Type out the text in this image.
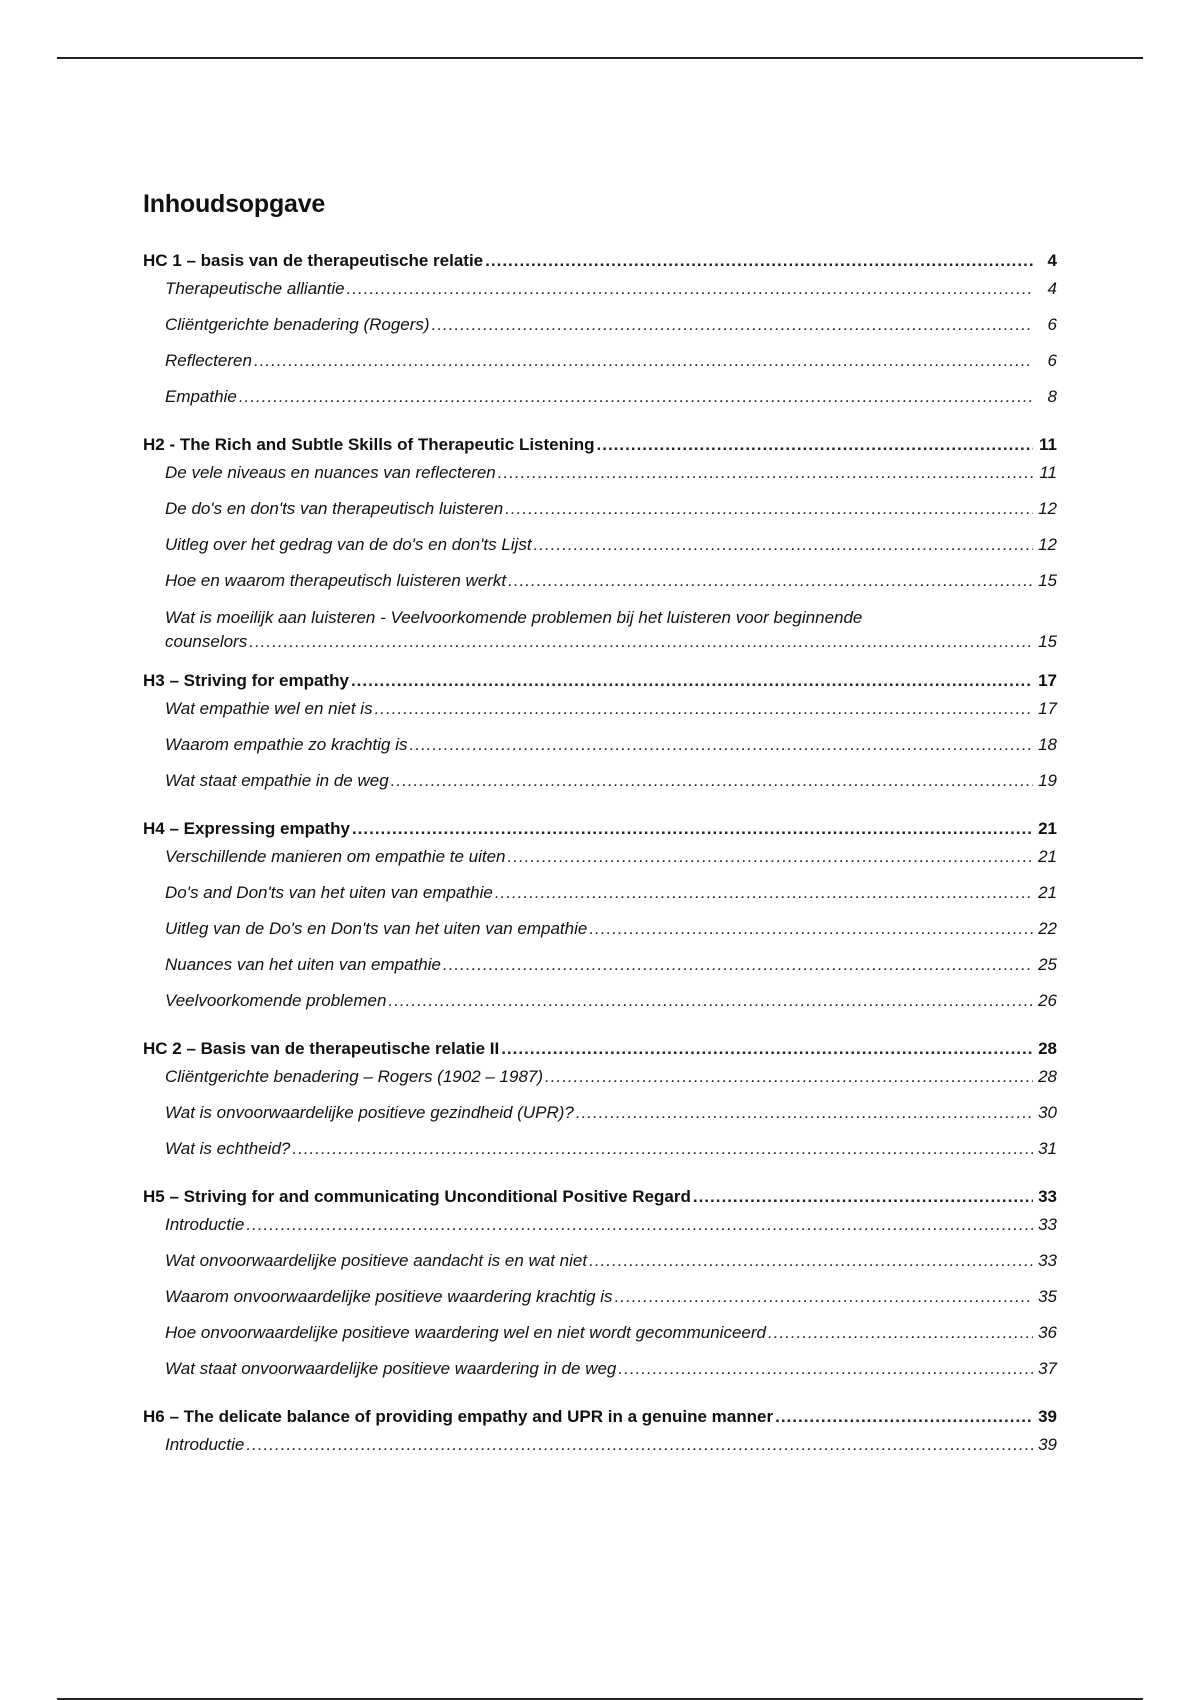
Inhoudsopgave
HC 1 – basis van de therapeutische relatie .....	4
Therapeutische alliantie .....	4
Cliëntgerichte benadering (Rogers) .....	6
Reflecteren .....	6
Empathie .....	8
H2 - The Rich and Subtle Skills of Therapeutic Listening .....	11
De vele niveaus en nuances van reflecteren .....	11
De do's en don'ts van therapeutisch luisteren .....	12
Uitleg over het gedrag van de do's en don'ts Lijst .....	12
Hoe en waarom therapeutisch luisteren werkt .....	15
Wat is moeilijk aan luisteren - Veelvoorkomende problemen bij het luisteren voor beginnende
counselors .....	15
H3 – Striving for empathy .....	17
Wat empathie wel en niet is .....	17
Waarom empathie zo krachtig is .....	18
Wat staat empathie in de weg .....	19
H4 – Expressing empathy .....	21
Verschillende manieren om empathie te uiten .....	21
Do's and Don'ts van het uiten van empathie .....	21
Uitleg van de Do's en Don'ts van het uiten van empathie .....	22
Nuances van het uiten van empathie .....	25
Veelvoorkomende problemen .....	26
HC 2 – Basis van de therapeutische relatie II .....	28
Cliëntgerichte benadering – Rogers (1902 – 1987) .....	28
Wat is onvoorwaardelijke positieve gezindheid (UPR)? .....	30
Wat is echtheid? .....	31
H5 – Striving for and communicating Unconditional Positive Regard .....	33
Introductie .....	33
Wat onvoorwaardelijke positieve aandacht is en wat niet .....	33
Waarom onvoorwaardelijke positieve waardering krachtig is .....	35
Hoe onvoorwaardelijke positieve waardering wel en niet wordt gecommuniceerd .....	36
Wat staat onvoorwaardelijke positieve waardering in de weg .....	37
H6 – The delicate balance of providing empathy and UPR in a genuine manner .....	39
Introductie .....	39
